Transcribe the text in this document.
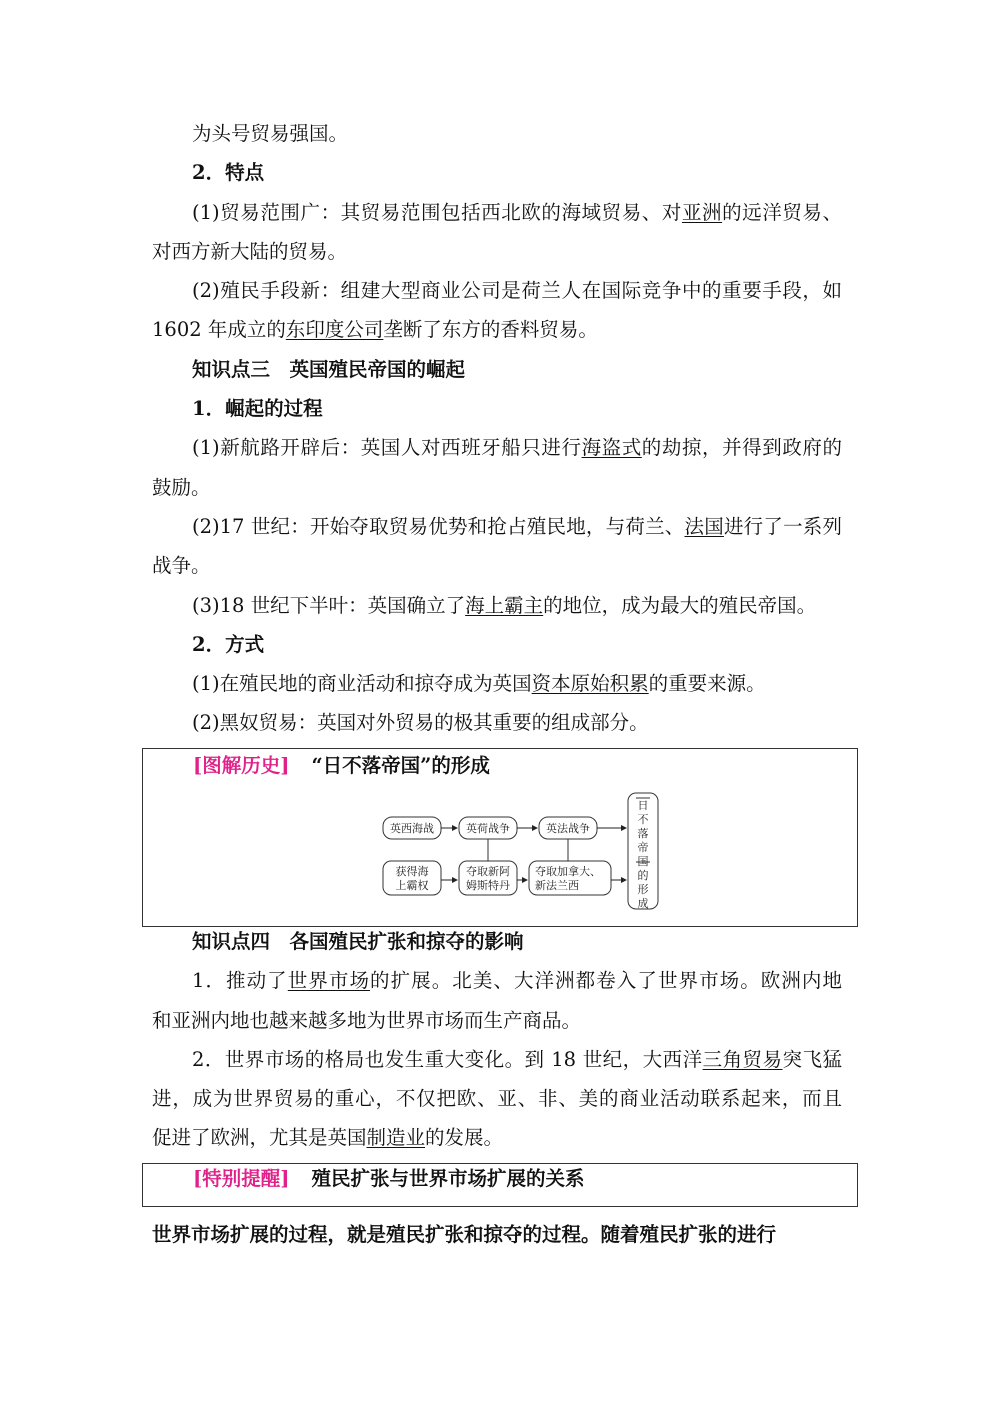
为头号贸易强国。
2．特点
(1)贸易范围广：其贸易范围包括西北欧的海域贸易、对亚洲的远洋贸易、
对西方新大陆的贸易。
(2)殖民手段新：组建大型商业公司是荷兰人在国际竞争中的重要手段，如
1602 年成立的东印度公司垄断了东方的香料贸易。
知识点三　英国殖民帝国的崛起
1．崛起的过程
(1)新航路开辟后：英国人对西班牙船只进行海盗式的劫掠，并得到政府的
鼓励。
(2)17 世纪：开始夺取贸易优势和抢占殖民地，与荷兰、法国进行了一系列
战争。
(3)18 世纪下半叶：英国确立了海上霸主的地位，成为最大的殖民帝国。
2．方式
(1)在殖民地的商业活动和掠夺成为英国资本原始积累的重要来源。
(2)黑奴贸易：英国对外贸易的极其重要的组成部分。
[图解历史] “日不落帝国”的形成
英西海战	英荷战争	英法战争
获得海
上霸权
夺取新阿
姆斯特丹
夺取加拿大、
新法兰西
日
不
落
帝
国
的
形
成
知识点四　各国殖民扩张和掠夺的影响
1．推动了世界市场的扩展。北美、大洋洲都卷入了世界市场。欧洲内地
和亚洲内地也越来越多地为世界市场而生产商品。
2．世界市场的格局也发生重大变化。到 18 世纪，大西洋三角贸易突飞猛
进，成为世界贸易的重心，不仅把欧、亚、非、美的商业活动联系起来，而且
促进了欧洲，尤其是英国制造业的发展。
[特别提醒] 殖民扩张与世界市场扩展的关系
世界市场扩展的过程，就是殖民扩张和掠夺的过程。随着殖民扩张的进行
